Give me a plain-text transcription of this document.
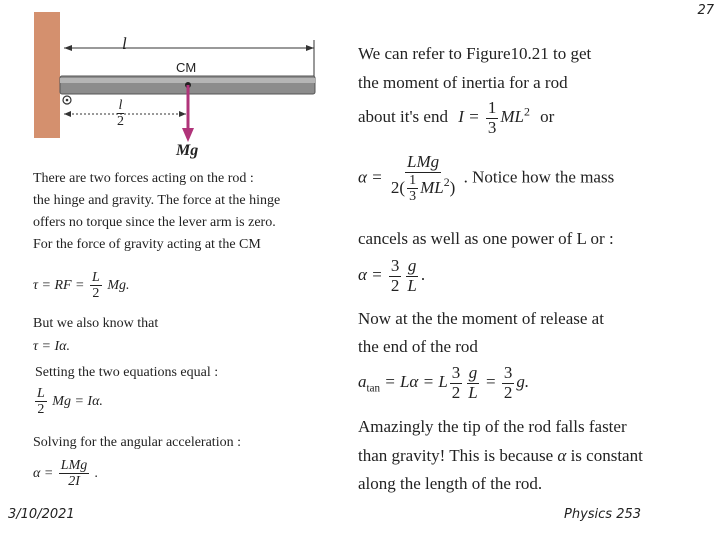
27
l
CM
$\frac{l}{2}$
Mg
There are two forces acting on the rod :
the hinge and gravity. The force at the hinge
offers no torque since the lever arm is zero.
For the force of gravity acting at the CM
τ = RF = $\frac{L}{2} Mg$.
But we also know that
τ = Iα.
Setting the two equations equal :
$\frac{L}{2}$ Mg = Iα.
Solving for the angular acceleration :
$\alpha = \frac{\text{LMg}}{2I}$ .
We can refer to Figure10.21 to get
the moment of inertia for a rod
about it's end $I = \frac{1}{3} ML^2$ or
$\alpha = \frac{\text{LMg}}{2( \frac{1}{3} ML^2)}$ . Notice how the mass
cancels as well as one power of L or :
$\alpha = \frac{3}{2} \frac{g}{L}$ .
Now at the the moment of release at
the end of the rod
$a_{tan} = L\alpha = L \frac{3}{2} \frac{g}{L} = \frac{3}{2} g$.
Amazingly the tip of the rod falls faster
than gravity! This is because α is constant
along the length of the rod.
3/10/2021	Physics 253
